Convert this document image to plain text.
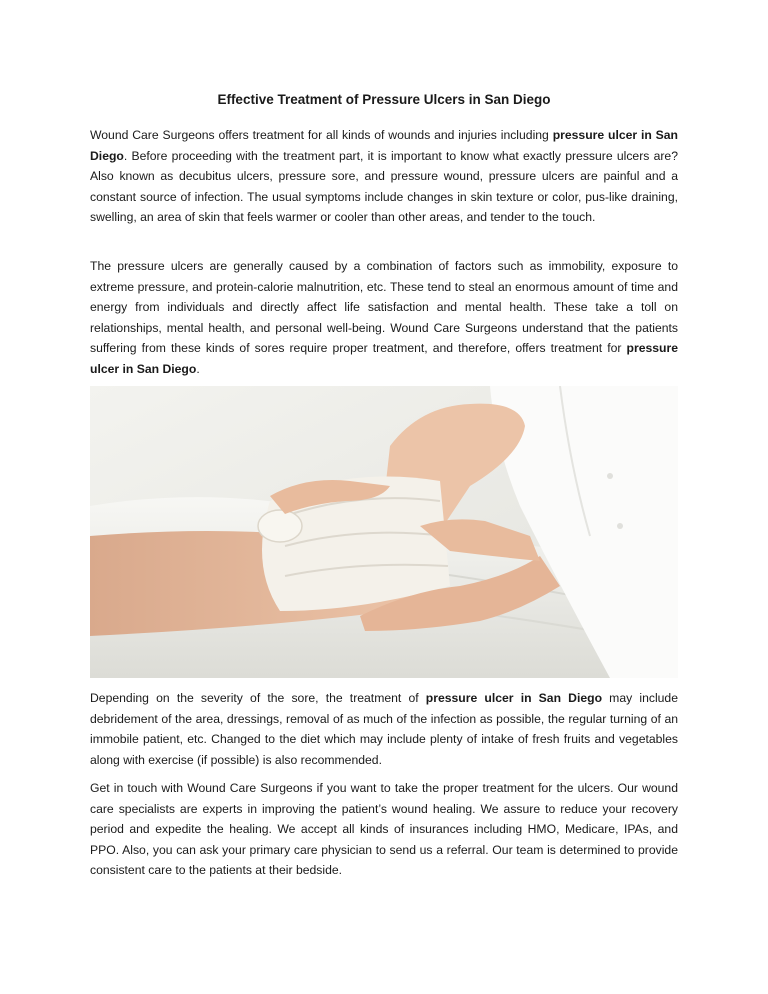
Effective Treatment of Pressure Ulcers in San Diego

Wound Care Surgeons offers treatment for all kinds of wounds and injuries including pressure ulcer in San Diego. Before proceeding with the treatment part, it is important to know what exactly pressure ulcers are? Also known as decubitus ulcers, pressure sore, and pressure wound, pressure ulcers are painful and a constant source of infection. The usual symptoms include changes in skin texture or color, pus-like draining, swelling, an area of skin that feels warmer or cooler than other areas, and tender to the touch.

The pressure ulcers are generally caused by a combination of factors such as immobility, exposure to extreme pressure, and protein-calorie malnutrition, etc. These tend to steal an enormous amount of time and energy from individuals and directly affect life satisfaction and mental health. These take a toll on relationships, mental health, and personal well-being. Wound Care Surgeons understand that the patients suffering from these kinds of sores require proper treatment, and therefore, offers treatment for pressure ulcer in San Diego.

Depending on the severity of the sore, the treatment of pressure ulcer in San Diego may include debridement of the area, dressings, removal of as much of the infection as possible, the regular turning of an immobile patient, etc. Changed to the diet which may include plenty of intake of fresh fruits and vegetables along with exercise (if possible) is also recommended.

Get in touch with Wound Care Surgeons if you want to take the proper treatment for the ulcers. Our wound care specialists are experts in improving the patient’s wound healing. We assure to reduce your recovery period and expedite the healing. We accept all kinds of insurances including HMO, Medicare, IPAs, and PPO. Also, you can ask your primary care physician to send us a referral. Our team is determined to provide consistent care to the patients at their bedside.
